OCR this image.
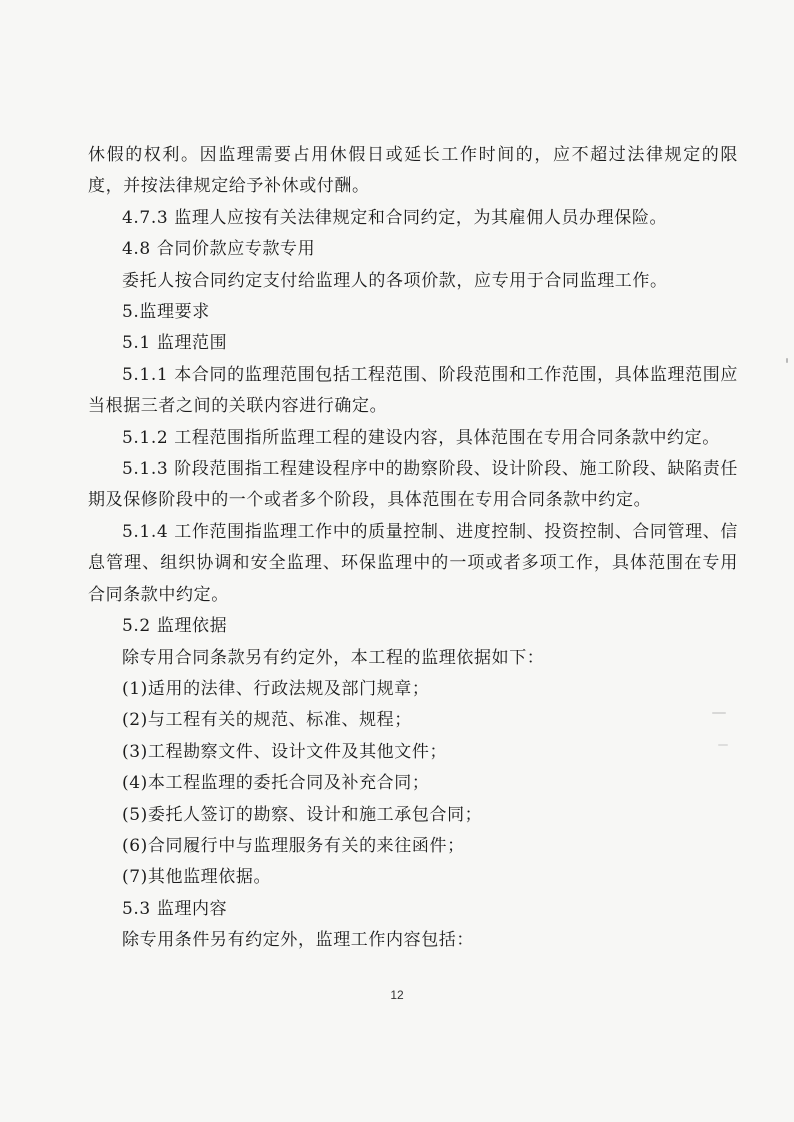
休假的权利。因监理需要占用休假日或延长工作时间的，应不超过法律规定的限度，并按法律规定给予补休或付酬。

4.7.3 监理人应按有关法律规定和合同约定，为其雇佣人员办理保险。

4.8 合同价款应专款专用

委托人按合同约定支付给监理人的各项价款，应专用于合同监理工作。

5.监理要求

5.1 监理范围

5.1.1 本合同的监理范围包括工程范围、阶段范围和工作范围，具体监理范围应当根据三者之间的关联内容进行确定。

5.1.2 工程范围指所监理工程的建设内容，具体范围在专用合同条款中约定。

5.1.3 阶段范围指工程建设程序中的勘察阶段、设计阶段、施工阶段、缺陷责任期及保修阶段中的一个或者多个阶段，具体范围在专用合同条款中约定。

5.1.4 工作范围指监理工作中的质量控制、进度控制、投资控制、合同管理、信息管理、组织协调和安全监理、环保监理中的一项或者多项工作，具体范围在专用合同条款中约定。

5.2 监理依据

除专用合同条款另有约定外，本工程的监理依据如下：

(1)适用的法律、行政法规及部门规章；

(2)与工程有关的规范、标准、规程；

(3)工程勘察文件、设计文件及其他文件；

(4)本工程监理的委托合同及补充合同；

(5)委托人签订的勘察、设计和施工承包合同；

(6)合同履行中与监理服务有关的来往函件；

(7)其他监理依据。

5.3 监理内容

除专用条件另有约定外，监理工作内容包括：

12
